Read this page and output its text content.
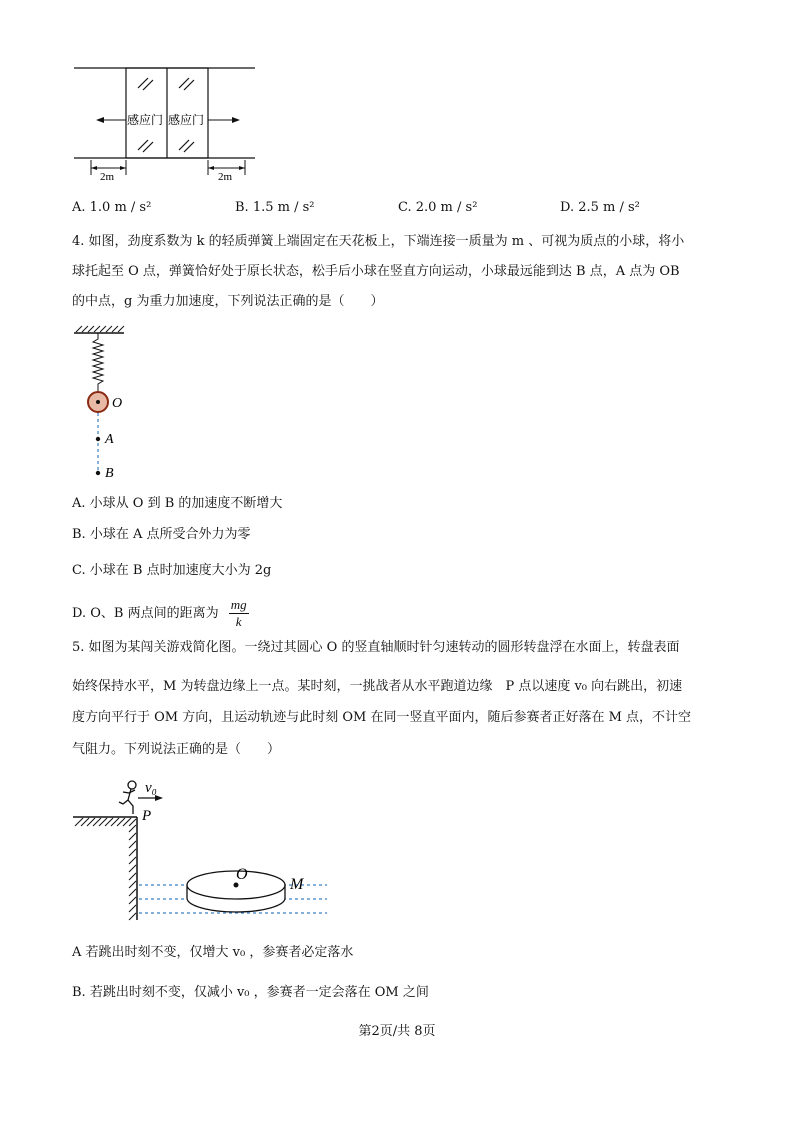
感应门 感应门
2m	2m
A. 1.0 m / s²	B. 1.5 m / s²	C. 2.0 m / s²	D. 2.5 m / s²
4. 如图，劲度系数为 k 的轻质弹簧上端固定在天花板上，下端连接一质量为 m 、可视为质点的小球，将小
球托起至 O 点，弹簧恰好处于原长状态，松手后小球在竖直方向运动，小球最远能到达 B 点，A 点为 OB
的中点，g 为重力加速度，下列说法正确的是（　　）
O
A
B
A. 小球从 O 到 B 的加速度不断增大
B. 小球在 A 点所受合外力为零
C. 小球在 B 点时加速度大小为 2g
D. O、B 两点间的距离为 $\frac{mg}{k}$
5. 如图为某闯关游戏简化图。一绕过其圆心 O 的竖直轴顺时针匀速转动的圆形转盘浮在水面上，转盘表面
始终保持水平，M 为转盘边缘上一点。某时刻，一挑战者从水平跑道边缘　P 点以速度 v₀ 向右跳出，初速
度方向平行于 OM 方向，且运动轨迹与此时刻 OM 在同一竖直平面内，随后参赛者正好落在 M 点，不计空
气阻力。下列说法正确的是（　　）
v₀
P
O
M
A 若跳出时刻不变，仅增大 v₀ ，参赛者必定落水
B. 若跳出时刻不变，仅减小 v₀ ，参赛者一定会落在 OM 之间
第2页/共 8页
